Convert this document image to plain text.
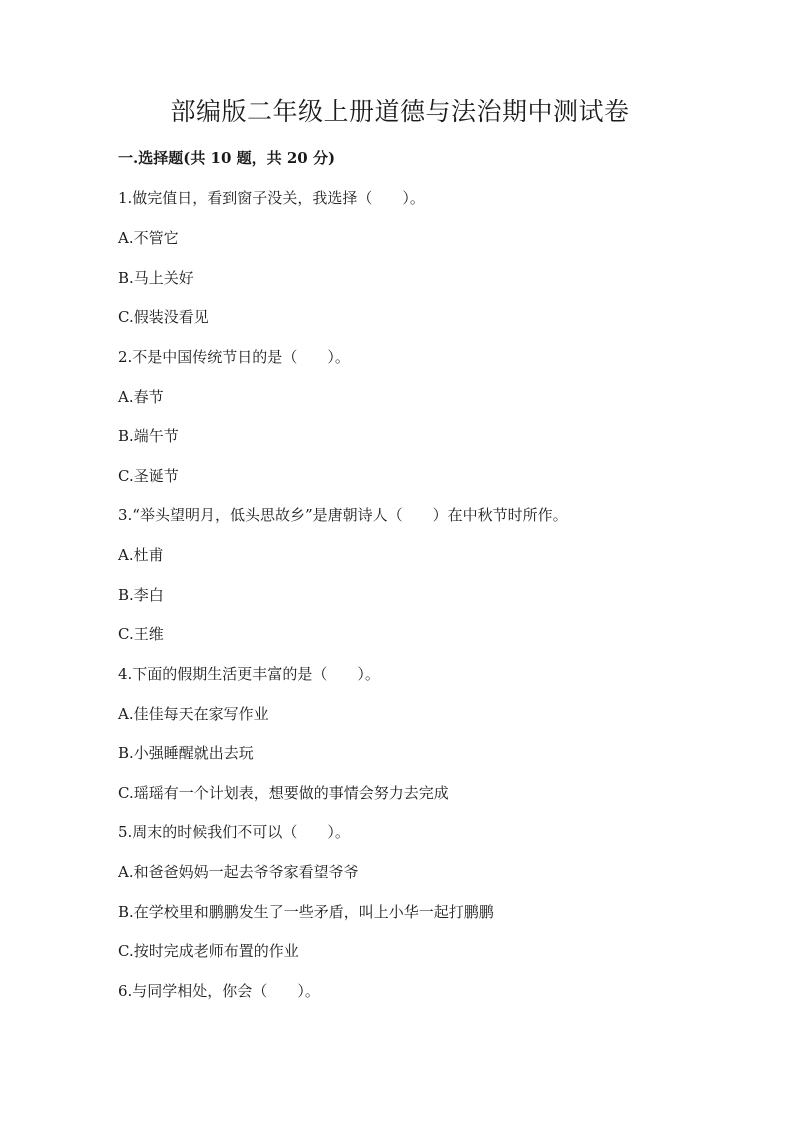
部编版二年级上册道德与法治期中测试卷
一.选择题(共 10 题，共 20 分)
1.做完值日，看到窗子没关，我选择（　　）。
A.不管它
B.马上关好
C.假装没看见
2.不是中国传统节日的是（　　）。
A.春节
B.端午节
C.圣诞节
3.“举头望明月，低头思故乡”是唐朝诗人（　　）在中秋节时所作。
A.杜甫
B.李白
C.王维
4.下面的假期生活更丰富的是（　　）。
A.佳佳每天在家写作业
B.小强睡醒就出去玩
C.瑶瑶有一个计划表，想要做的事情会努力去完成
5.周末的时候我们不可以（　　）。
A.和爸爸妈妈一起去爷爷家看望爷爷
B.在学校里和鹏鹏发生了一些矛盾，叫上小华一起打鹏鹏
C.按时完成老师布置的作业
6.与同学相处，你会（　　）。
